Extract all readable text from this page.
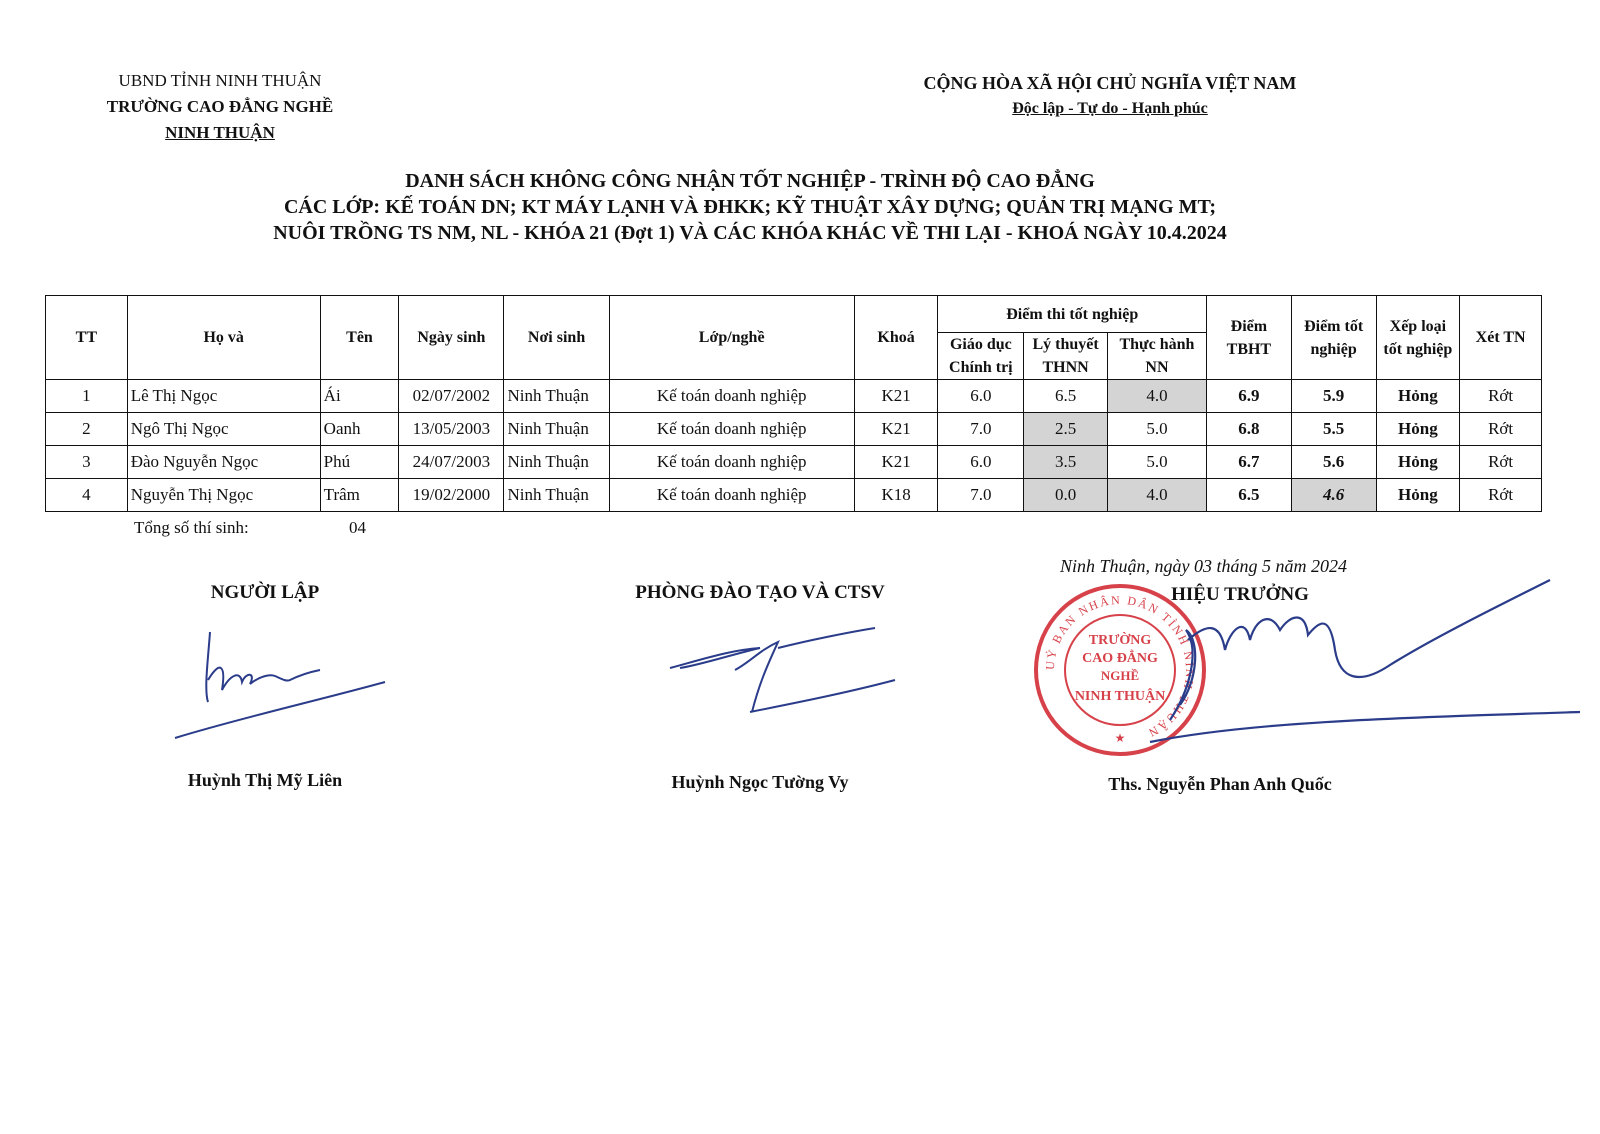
UBND TỈNH NINH THUẬN
TRƯỜNG CAO ĐẲNG NGHỀ
NINH THUẬN
CỘNG HÒA XÃ HỘI CHỦ NGHĨA VIỆT NAM
Độc lập - Tự do - Hạnh phúc
DANH SÁCH KHÔNG CÔNG NHẬN TỐT NGHIỆP - TRÌNH ĐỘ CAO ĐẲNG
CÁC LỚP: KẾ TOÁN DN; KT MÁY LẠNH VÀ ĐHKK; KỸ THUẬT XÂY DỰNG; QUẢN TRỊ MẠNG MT;
NUÔI TRỒNG TS NM, NL - KHÓA 21 (Đợt 1) VÀ CÁC KHÓA KHÁC VỀ THI LẠI - KHOÁ NGÀY 10.4.2024
TT	Họ và	Tên	Ngày sinh	Nơi sinh	Lớp/nghề	Khoá	Điểm thi tốt nghiệp			Điểm TBHT	Điểm tốt nghiệp	Xếp loại tốt nghiệp	Xét TN
							Giáo dục Chính trị	Lý thuyết THNN	Thực hành NN				
1	Lê Thị Ngọc	Ái	02/07/2002	Ninh Thuận	Kế toán doanh nghiệp	K21	6.0	6.5	4.0	6.9	5.9	Hỏng	Rớt
2	Ngô Thị Ngọc	Oanh	13/05/2003	Ninh Thuận	Kế toán doanh nghiệp	K21	7.0	2.5	5.0	6.8	5.5	Hỏng	Rớt
3	Đào Nguyễn Ngọc	Phú	24/07/2003	Ninh Thuận	Kế toán doanh nghiệp	K21	6.0	3.5	5.0	6.7	5.6	Hỏng	Rớt
4	Nguyễn Thị Ngọc	Trâm	19/02/2000	Ninh Thuận	Kế toán doanh nghiệp	K18	7.0	0.0	4.0	6.5	4.6	Hỏng	Rớt
Tổng số thí sinh:	04
Ninh Thuận, ngày 03 tháng 5 năm 2024
NGƯỜI LẬP	PHÒNG ĐÀO TẠO VÀ CTSV	HIỆU TRƯỞNG
UỶ BAN NHÂN DÂN TỈNH NINH THUẬN
TRƯỜNG
CAO ĐẲNG
NGHỀ
NINH THUẬN
★
Huỳnh Thị Mỹ Liên	Huỳnh Ngọc Tường Vy	Ths. Nguyễn Phan Anh Quốc
